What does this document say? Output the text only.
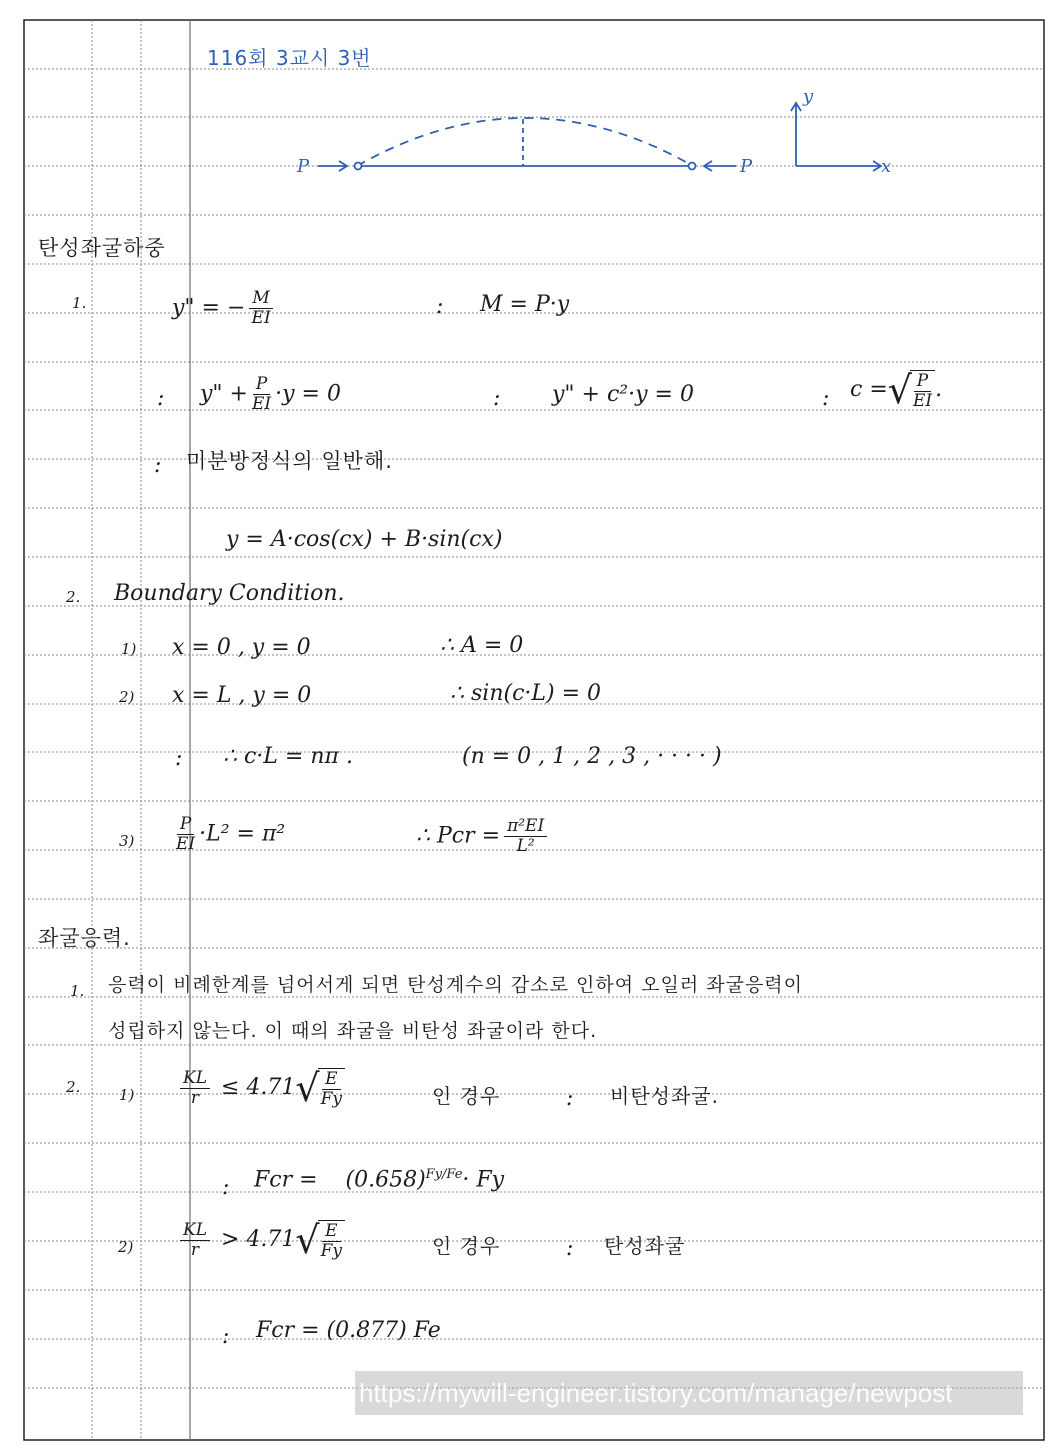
116회 3교시 3번
P	P
y
x
탄성좌굴하중
1.	y" = − $\frac{M}{EI}$	: M = P·y
: y" + $\frac{P}{EI} \cdot y = 0$	: y" + c²·y = 0	: c = √ $\frac{P}{EI}$ .
: 미분방정식의 일반해.
y = A·cos(cx) + B·sin(cx)
2. Boundary Condition.
1) x = 0 , y = 0	∴ A = 0
2) x = L , y = 0	∴ sin(c·L) = 0
: ∴ c·L = nπ .	(n = 0 , 1 , 2 , 3 , · · · · )
$3) \frac{P}{EI} \cdot L^2 = \pi^2$	∴ Pcr = $\frac{\text{π²EI}}{\text{L²}}$
좌굴응력.
1. 응력이 비례한계를 넘어서게 되면 탄성계수의 감소로 인하여 오일러 좌굴응력이
성립하지 않는다. 이 때의 좌굴을 비탄성 좌굴이라 한다.
2.	1)	$\frac{KL}{r} \le 4.71$ √ $\frac{E}{Fy}$	인 경우	: 비탄성좌굴.
: Fcr = $(0.658)^{Fy/Fe}\cdot Fy$
2)	$\frac{KL}{r} > 4.71$ √ $\frac{E}{Fy}$	인 경우	: 탄성좌굴
: Fcr = (0.877) Fe
https://mywill-engineer.tistory.com/manage/newpost
